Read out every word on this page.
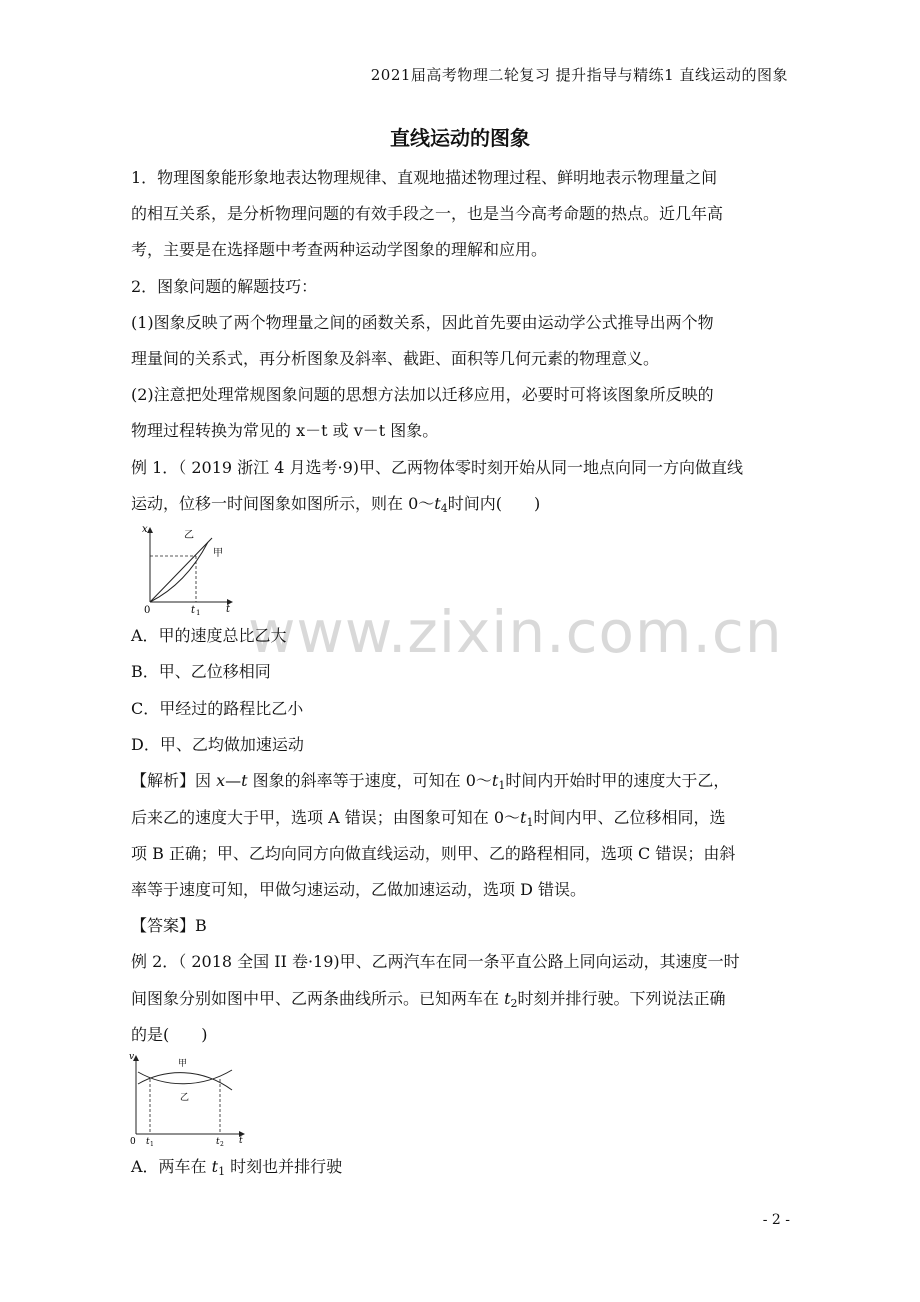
2021届高考物理二轮复习 提升指导与精练1 直线运动的图象
直线运动的图象
1．物理图象能形象地表达物理规律、直观地描述物理过程、鲜明地表示物理量之间
的相互关系，是分析物理问题的有效手段之一，也是当今高考命题的热点。近几年高
考，主要是在选择题中考查两种运动学图象的理解和应用。
2．图象问题的解题技巧：
(1)图象反映了两个物理量之间的函数关系，因此首先要由运动学公式推导出两个物
理量间的关系式，再分析图象及斜率、截距、面积等几何元素的物理意义。
(2)注意把处理常规图象问题的思想方法加以迁移应用，必要时可将该图象所反映的
物理过程转换为常见的 x－t 或 v－t 图象。
例 1．（ 2019 浙江 4 月选考·9)甲、乙两物体零时刻开始从同一地点向同一方向做直线
运动，位移一时间图象如图所示，则在 $0\sim t_4$时间内(　　)
x
t
0	t 1
甲
乙
www.zixin.com.cn
A．甲的速度总比乙大
B．甲、乙位移相同
C．甲经过的路程比乙小
D．甲、乙均做加速运动
【解析】因 x—t 图象的斜率等于速度，可知在 $0\sim t_1$时间内开始时甲的速度大于乙，
后来乙的速度大于甲，选项 A 错误；由图象可知在 $0\sim t_1$时间内甲、乙位移相同，选
项 B 正确；甲、乙均向同方向做直线运动，则甲、乙的路程相同，选项 C 错误；由斜
率等于速度可知，甲做匀速运动，乙做加速运动，选项 D 错误。
【答案】B
例 2．（ 2018 全国 II 卷·19)甲、乙两汽车在同一条平直公路上同向运动，其速度一时
间图象分别如图中甲、乙两条曲线所示。已知两车在 $t_2$时刻并排行驶。下列说法正确
的是(　　)
v
t
0 t 1	t 2
甲
乙
A．两车在 $t_1$ 时刻也并排行驶
- 2 -
